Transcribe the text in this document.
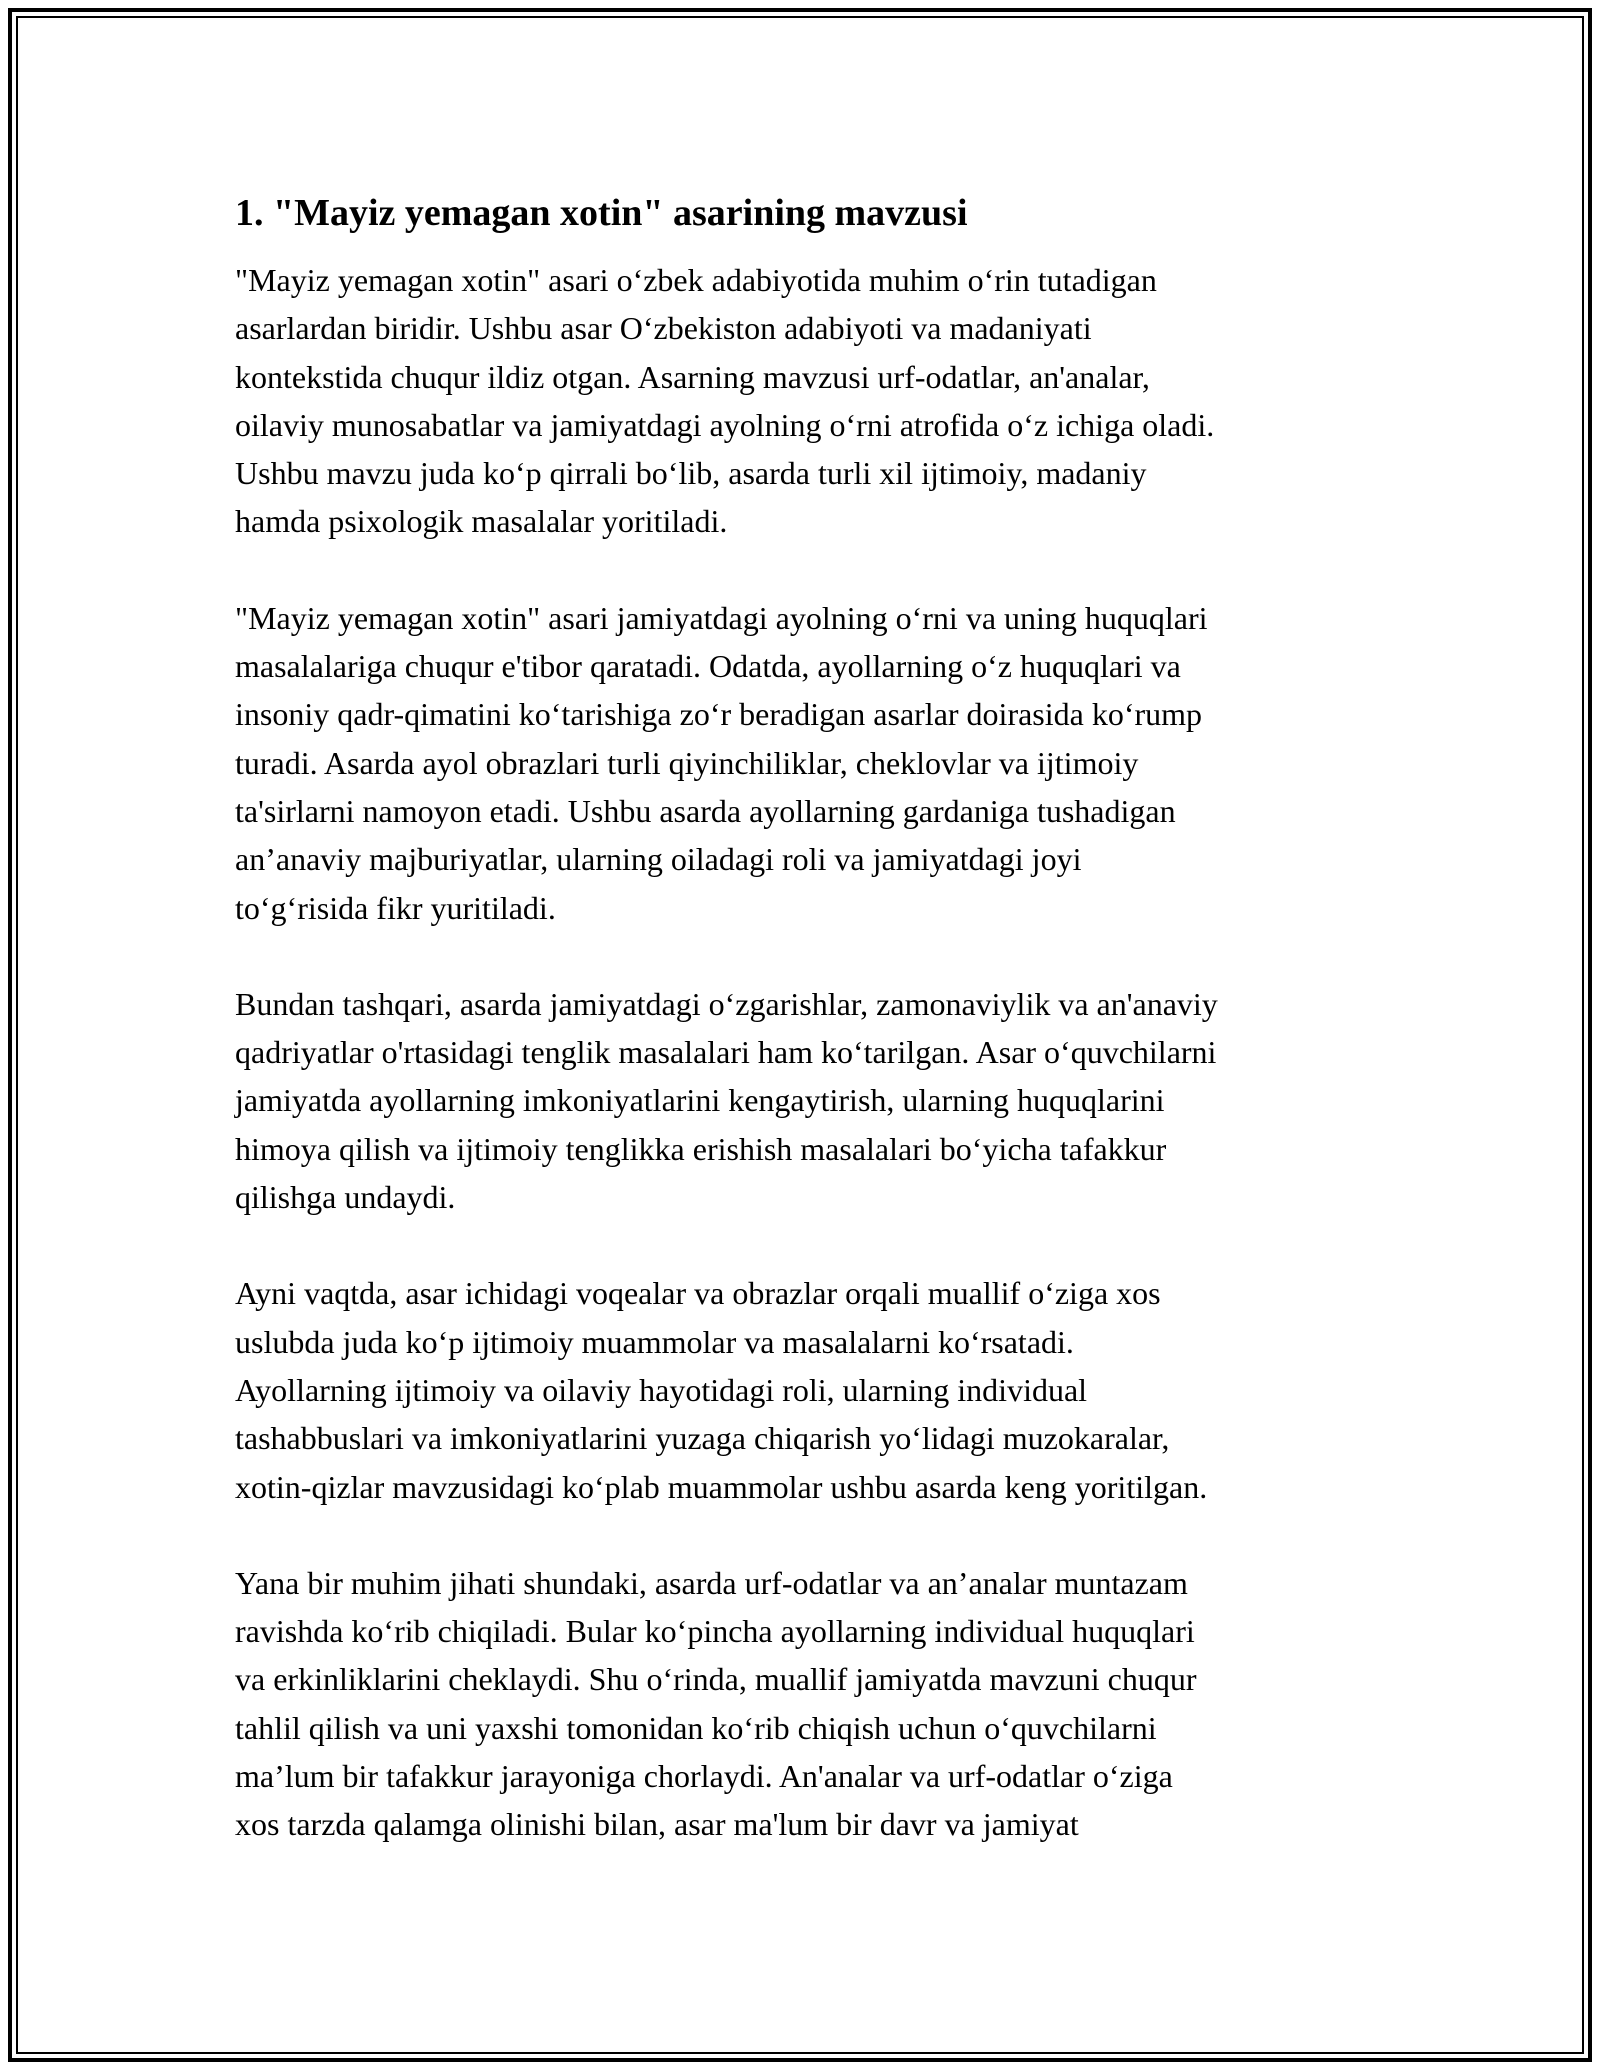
1. "Mayiz yemagan xotin" asarining mavzusi

"Mayiz yemagan xotin" asari o‘zbek adabiyotida muhim o‘rin tutadigan
asarlardan biridir. Ushbu asar O‘zbekiston adabiyoti va madaniyati
kontekstida chuqur ildiz otgan. Asarning mavzusi urf-odatlar, an'analar,
oilaviy munosabatlar va jamiyatdagi ayolning o‘rni atrofida o‘z ichiga oladi.
Ushbu mavzu juda ko‘p qirrali bo‘lib, asarda turli xil ijtimoiy, madaniy
hamda psixologik masalalar yoritiladi.

"Mayiz yemagan xotin" asari jamiyatdagi ayolning o‘rni va uning huquqlari
masalalariga chuqur e'tibor qaratadi. Odatda, ayollarning o‘z huquqlari va
insoniy qadr-qimatini ko‘tarishiga zo‘r beradigan asarlar doirasida ko‘rump
turadi. Asarda ayol obrazlari turli qiyinchiliklar, cheklovlar va ijtimoiy
ta'sirlarni namoyon etadi. Ushbu asarda ayollarning gardaniga tushadigan
an’anaviy majburiyatlar, ularning oiladagi roli va jamiyatdagi joyi
to‘g‘risida fikr yuritiladi.

Bundan tashqari, asarda jamiyatdagi o‘zgarishlar, zamonaviylik va an'anaviy
qadriyatlar o'rtasidagi tenglik masalalari ham ko‘tarilgan. Asar o‘quvchilarni
jamiyatda ayollarning imkoniyatlarini kengaytirish, ularning huquqlarini
himoya qilish va ijtimoiy tenglikka erishish masalalari bo‘yicha tafakkur
qilishga undaydi.

Ayni vaqtda, asar ichidagi voqealar va obrazlar orqali muallif o‘ziga xos
uslubda juda ko‘p ijtimoiy muammolar va masalalarni ko‘rsatadi.
Ayollarning ijtimoiy va oilaviy hayotidagi roli, ularning individual
tashabbuslari va imkoniyatlarini yuzaga chiqarish yo‘lidagi muzokaralar,
xotin-qizlar mavzusidagi ko‘plab muammolar ushbu asarda keng yoritilgan.

Yana bir muhim jihati shundaki, asarda urf-odatlar va an’analar muntazam
ravishda ko‘rib chiqiladi. Bular ko‘pincha ayollarning individual huquqlari
va erkinliklarini cheklaydi. Shu o‘rinda, muallif jamiyatda mavzuni chuqur
tahlil qilish va uni yaxshi tomonidan ko‘rib chiqish uchun o‘quvchilarni
ma’lum bir tafakkur jarayoniga chorlaydi. An'analar va urf-odatlar o‘ziga
xos tarzda qalamga olinishi bilan, asar ma'lum bir davr va jamiyat
